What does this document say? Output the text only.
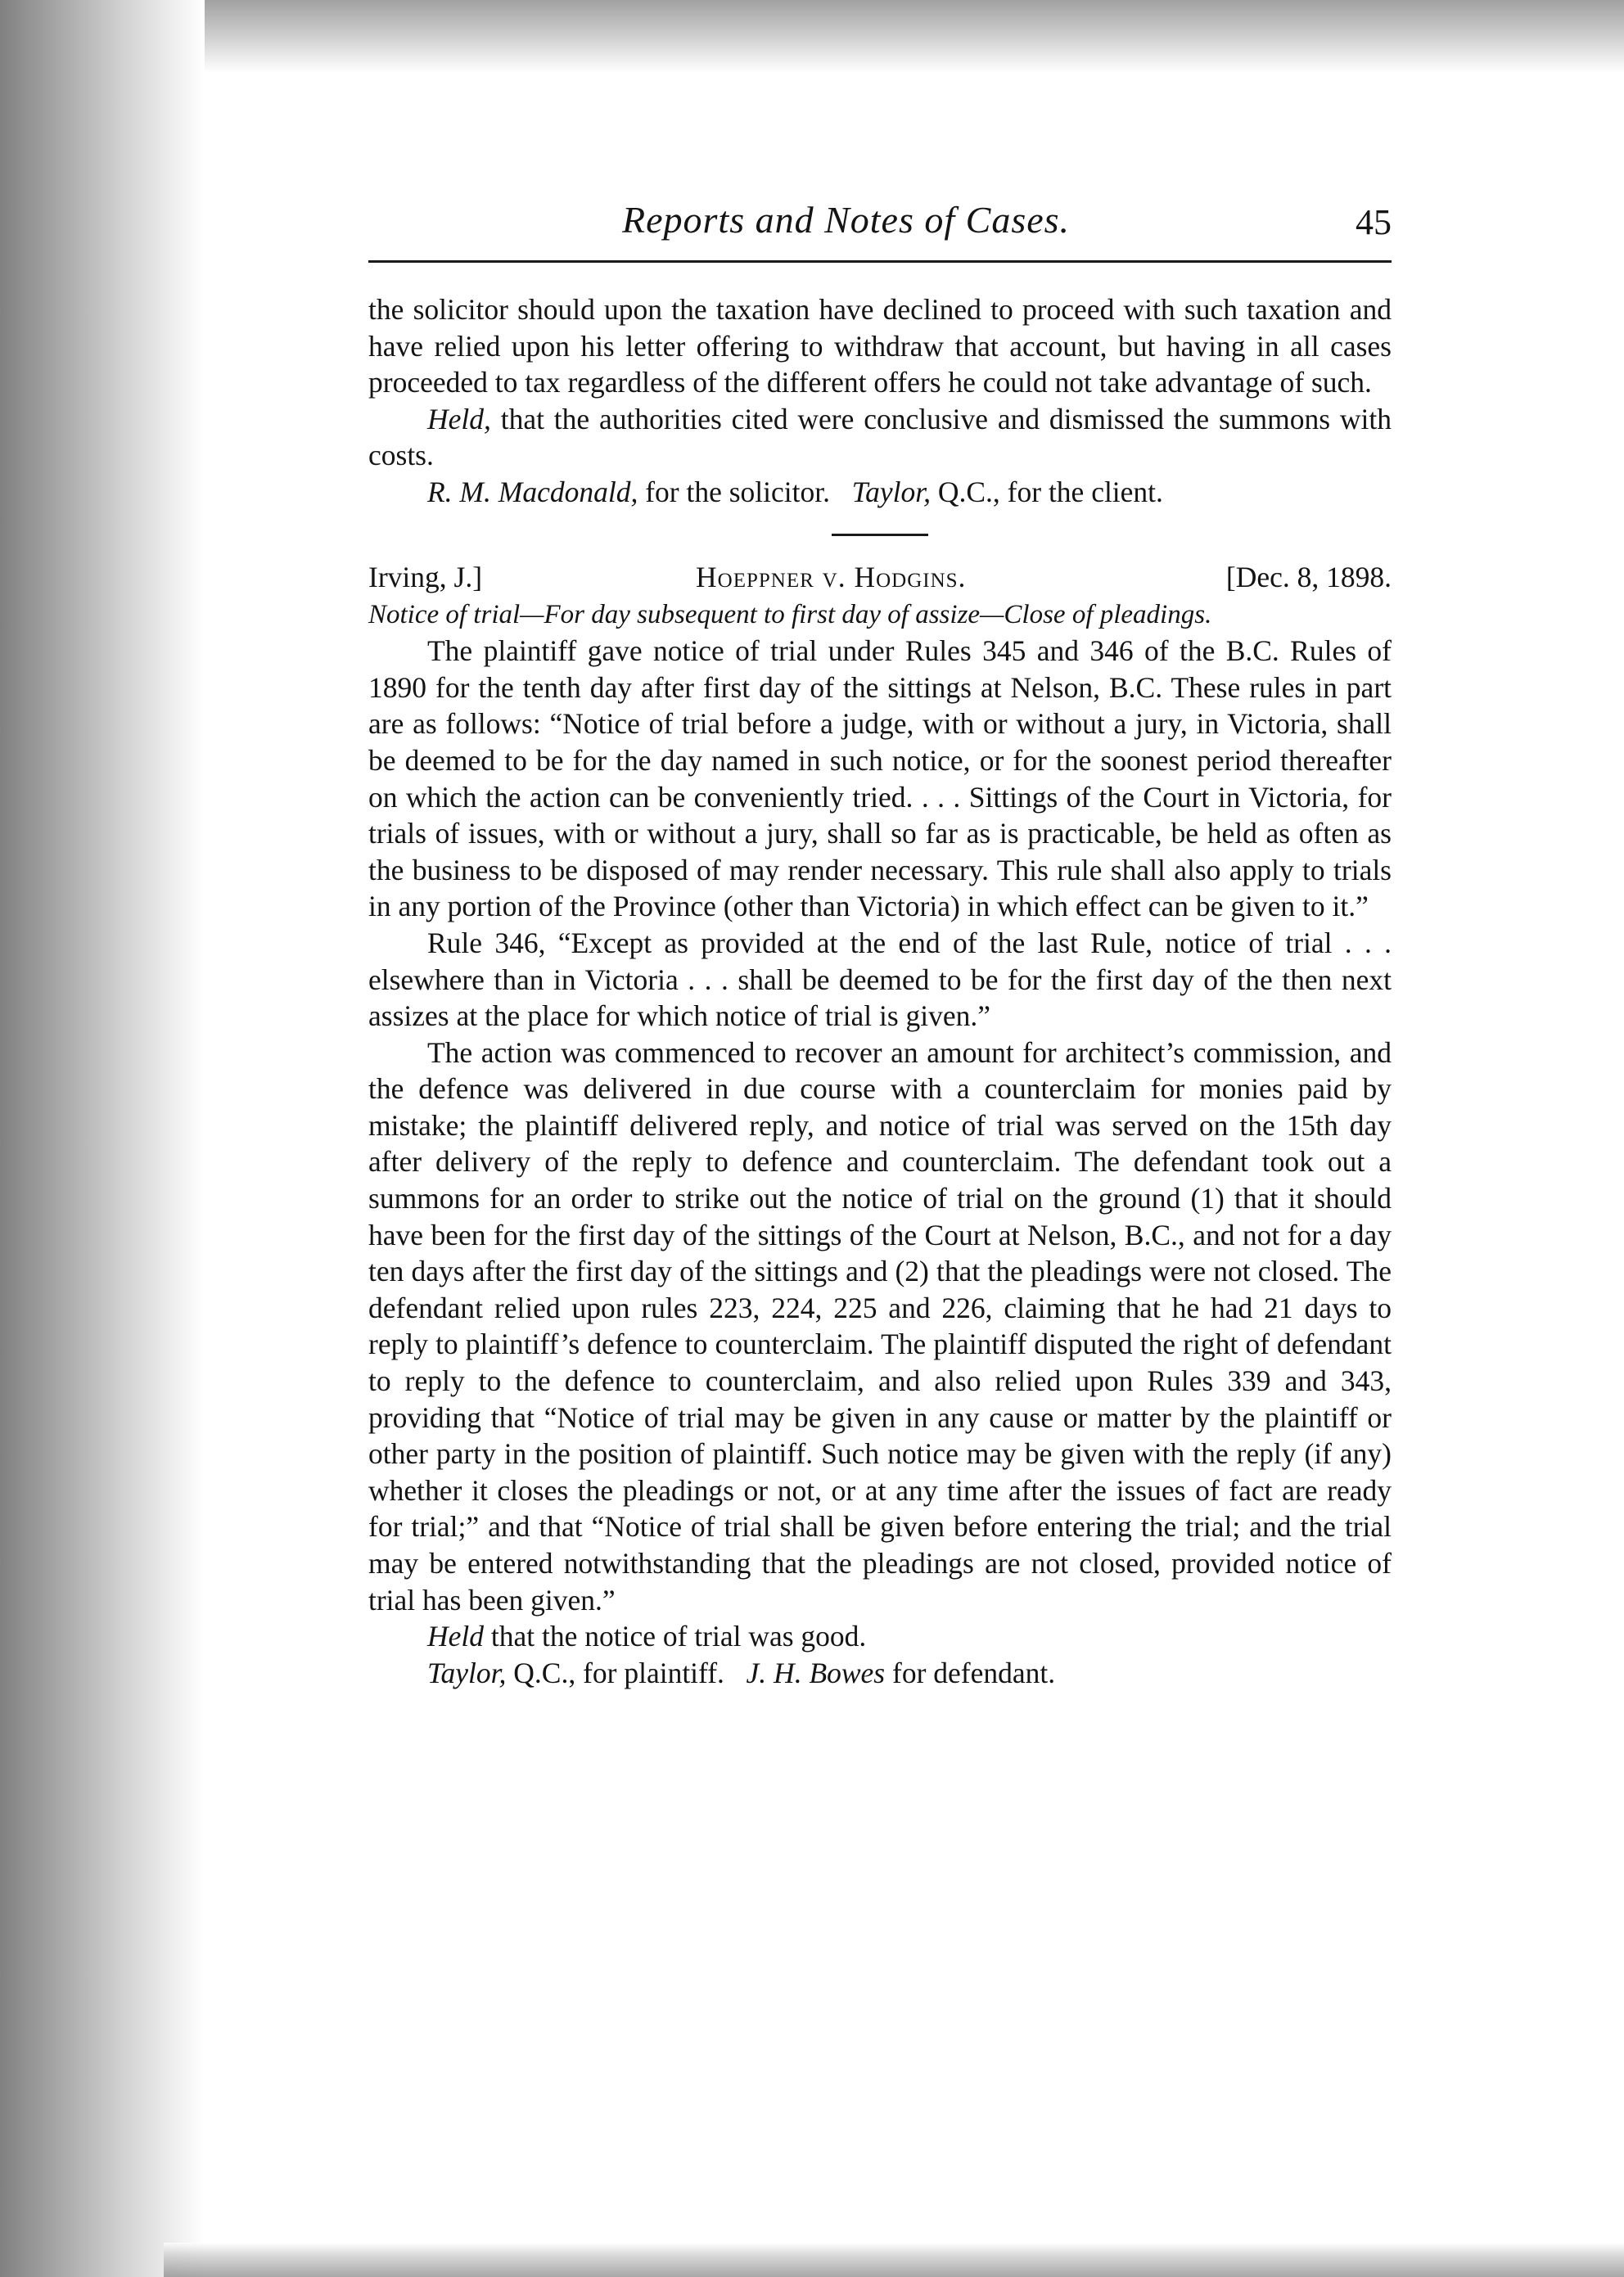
Reports and Notes of Cases.	45

the solicitor should upon the taxation have declined to proceed with such taxation and have relied upon his letter offering to withdraw that account, but having in all cases proceeded to tax regardless of the different offers he could not take advantage of such.

Held, that the authorities cited were conclusive and dismissed the summons with costs.

R. M. Macdonald, for the solicitor. Taylor, Q.C., for the client.

Irving, J.]	Hoeppner v. Hodgins.	[Dec. 8, 1898.

Notice of trial—For day subsequent to first day of assize—Close of pleadings.

The plaintiff gave notice of trial under Rules 345 and 346 of the B.C. Rules of 1890 for the tenth day after first day of the sittings at Nelson, B.C. These rules in part are as follows: “Notice of trial before a judge, with or without a jury, in Victoria, shall be deemed to be for the day named in such notice, or for the soonest period thereafter on which the action can be conveniently tried. . . . Sittings of the Court in Victoria, for trials of issues, with or without a jury, shall so far as is practicable, be held as often as the business to be disposed of may render necessary. This rule shall also apply to trials in any portion of the Province (other than Victoria) in which effect can be given to it.”

Rule 346, “Except as provided at the end of the last Rule, notice of trial . . . elsewhere than in Victoria . . . shall be deemed to be for the first day of the then next assizes at the place for which notice of trial is given.”

The action was commenced to recover an amount for architect’s commission, and the defence was delivered in due course with a counterclaim for monies paid by mistake; the plaintiff delivered reply, and notice of trial was served on the 15th day after delivery of the reply to defence and counterclaim. The defendant took out a summons for an order to strike out the notice of trial on the ground (1) that it should have been for the first day of the sittings of the Court at Nelson, B.C., and not for a day ten days after the first day of the sittings and (2) that the pleadings were not closed. The defendant relied upon rules 223, 224, 225 and 226, claiming that he had 21 days to reply to plaintiff’s defence to counterclaim. The plaintiff disputed the right of defendant to reply to the defence to counterclaim, and also relied upon Rules 339 and 343, providing that “Notice of trial may be given in any cause or matter by the plaintiff or other party in the position of plaintiff. Such notice may be given with the reply (if any) whether it closes the pleadings or not, or at any time after the issues of fact are ready for trial;” and that “Notice of trial shall be given before entering the trial; and the trial may be entered notwithstanding that the pleadings are not closed, provided notice of trial has been given.”

Held that the notice of trial was good.

Taylor, Q.C., for plaintiff. J. H. Bowes for defendant.
